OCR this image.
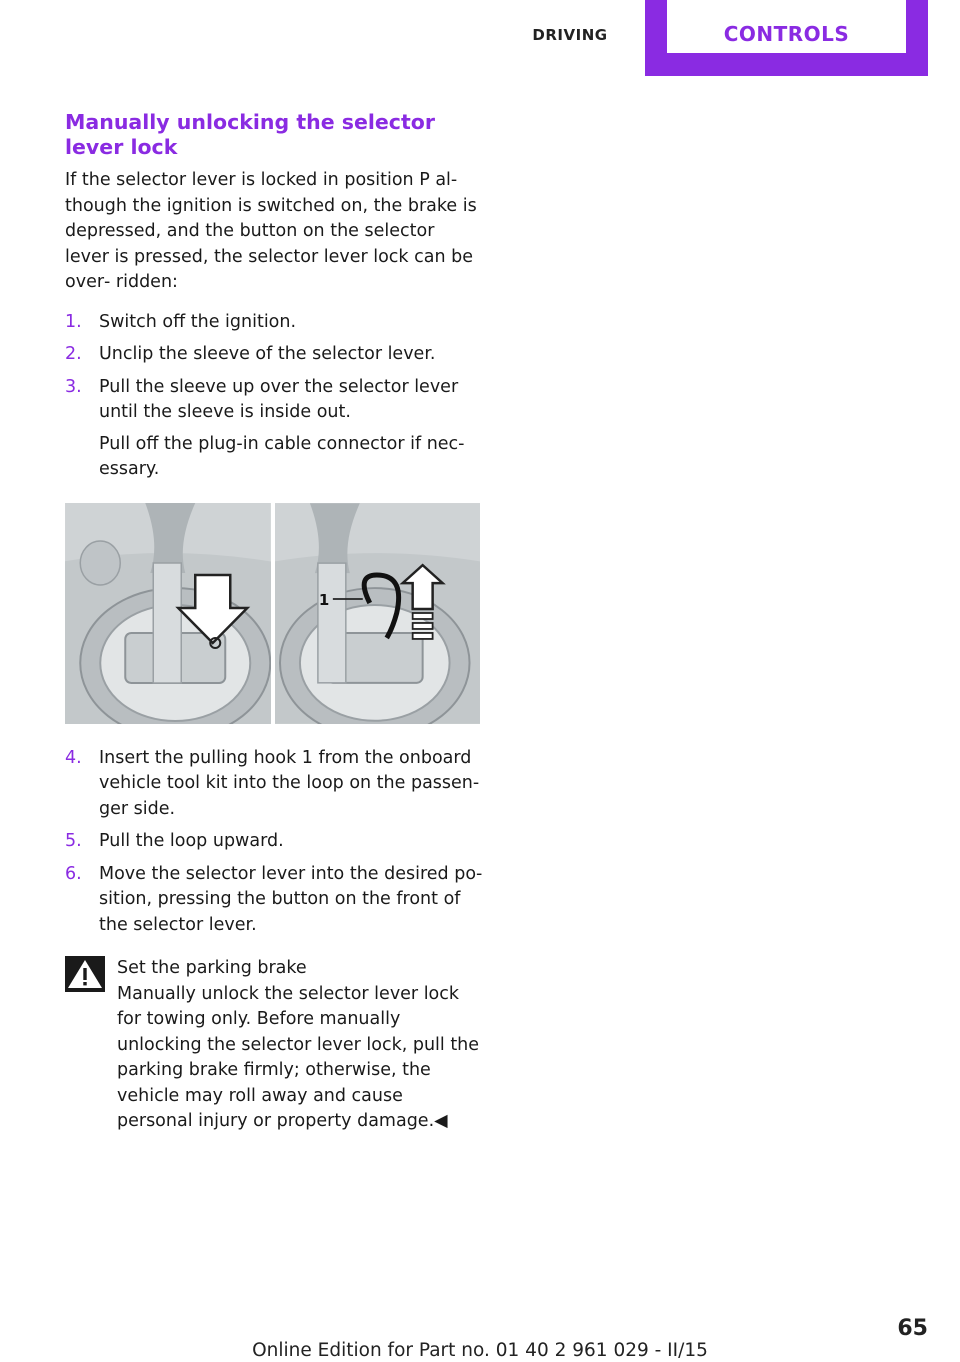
DRIVING	CONTROLS
Manually unlocking the selector lever lock

If the selector lever is locked in position P al‐ though the ignition is switched on, the brake is depressed, and the button on the selector lever is pressed, the selector lever lock can be over‐ ridden:

1. Switch off the ignition.
2. Unclip the sleeve of the selector lever.
3. Pull the sleeve up over the selector lever until the sleeve is inside out.
Pull off the plug-in cable connector if nec‐ essary.
1
4. Insert the pulling hook 1 from the onboard vehicle tool kit into the loop on the passen‐ ger side.
5. Pull the loop upward.
6. Move the selector lever into the desired po‐ sition, pressing the button on the front of the selector lever.
Set the parking brake
Manually unlock the selector lever lock for towing only. Before manually unlocking the selector lever lock, pull the parking brake firmly; otherwise, the vehicle may roll away and cause personal injury or property damage.◀
65
Online Edition for Part no. 01 40 2 961 029 - II/15
